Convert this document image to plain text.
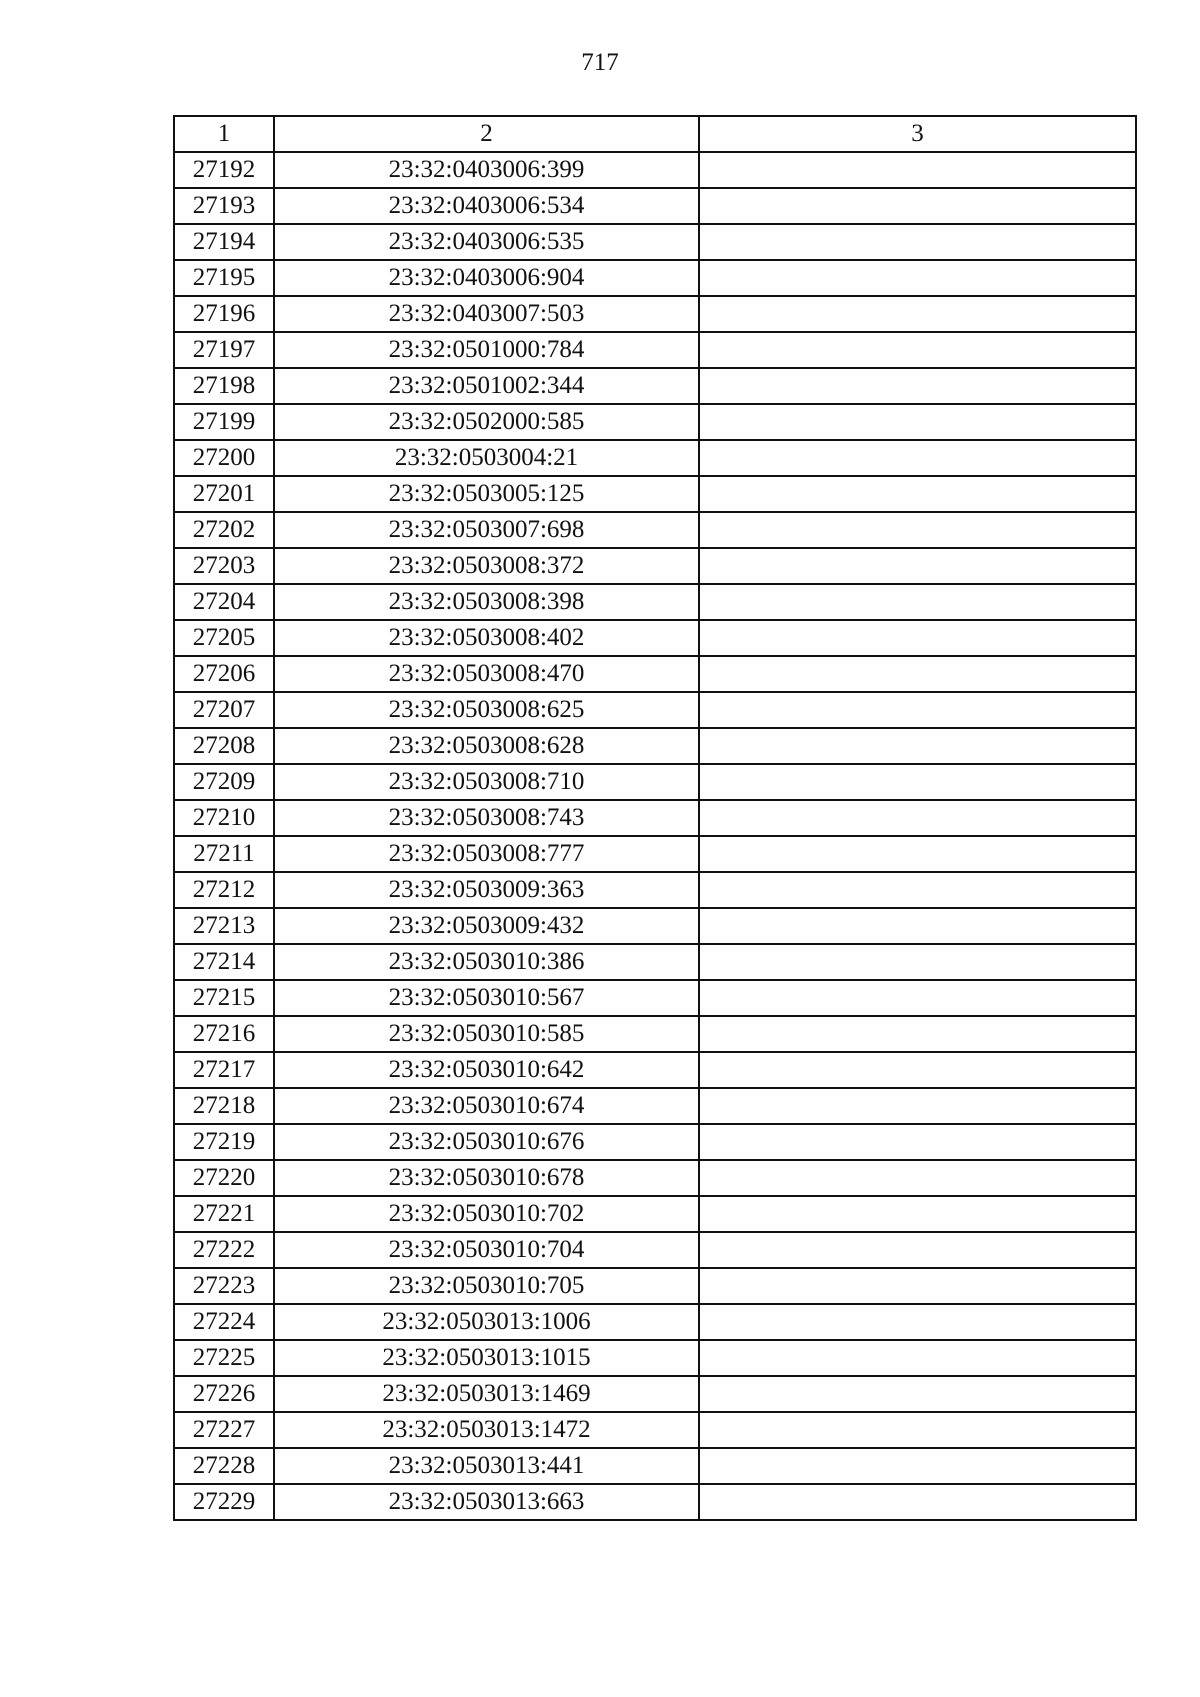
717
1	2	3
27192	23:32:0403006:399	
27193	23:32:0403006:534	
27194	23:32:0403006:535	
27195	23:32:0403006:904	
27196	23:32:0403007:503	
27197	23:32:0501000:784	
27198	23:32:0501002:344	
27199	23:32:0502000:585	
27200	23:32:0503004:21	
27201	23:32:0503005:125	
27202	23:32:0503007:698	
27203	23:32:0503008:372	
27204	23:32:0503008:398	
27205	23:32:0503008:402	
27206	23:32:0503008:470	
27207	23:32:0503008:625	
27208	23:32:0503008:628	
27209	23:32:0503008:710	
27210	23:32:0503008:743	
27211	23:32:0503008:777	
27212	23:32:0503009:363	
27213	23:32:0503009:432	
27214	23:32:0503010:386	
27215	23:32:0503010:567	
27216	23:32:0503010:585	
27217	23:32:0503010:642	
27218	23:32:0503010:674	
27219	23:32:0503010:676	
27220	23:32:0503010:678	
27221	23:32:0503010:702	
27222	23:32:0503010:704	
27223	23:32:0503010:705	
27224	23:32:0503013:1006	
27225	23:32:0503013:1015	
27226	23:32:0503013:1469	
27227	23:32:0503013:1472	
27228	23:32:0503013:441	
27229	23:32:0503013:663	
